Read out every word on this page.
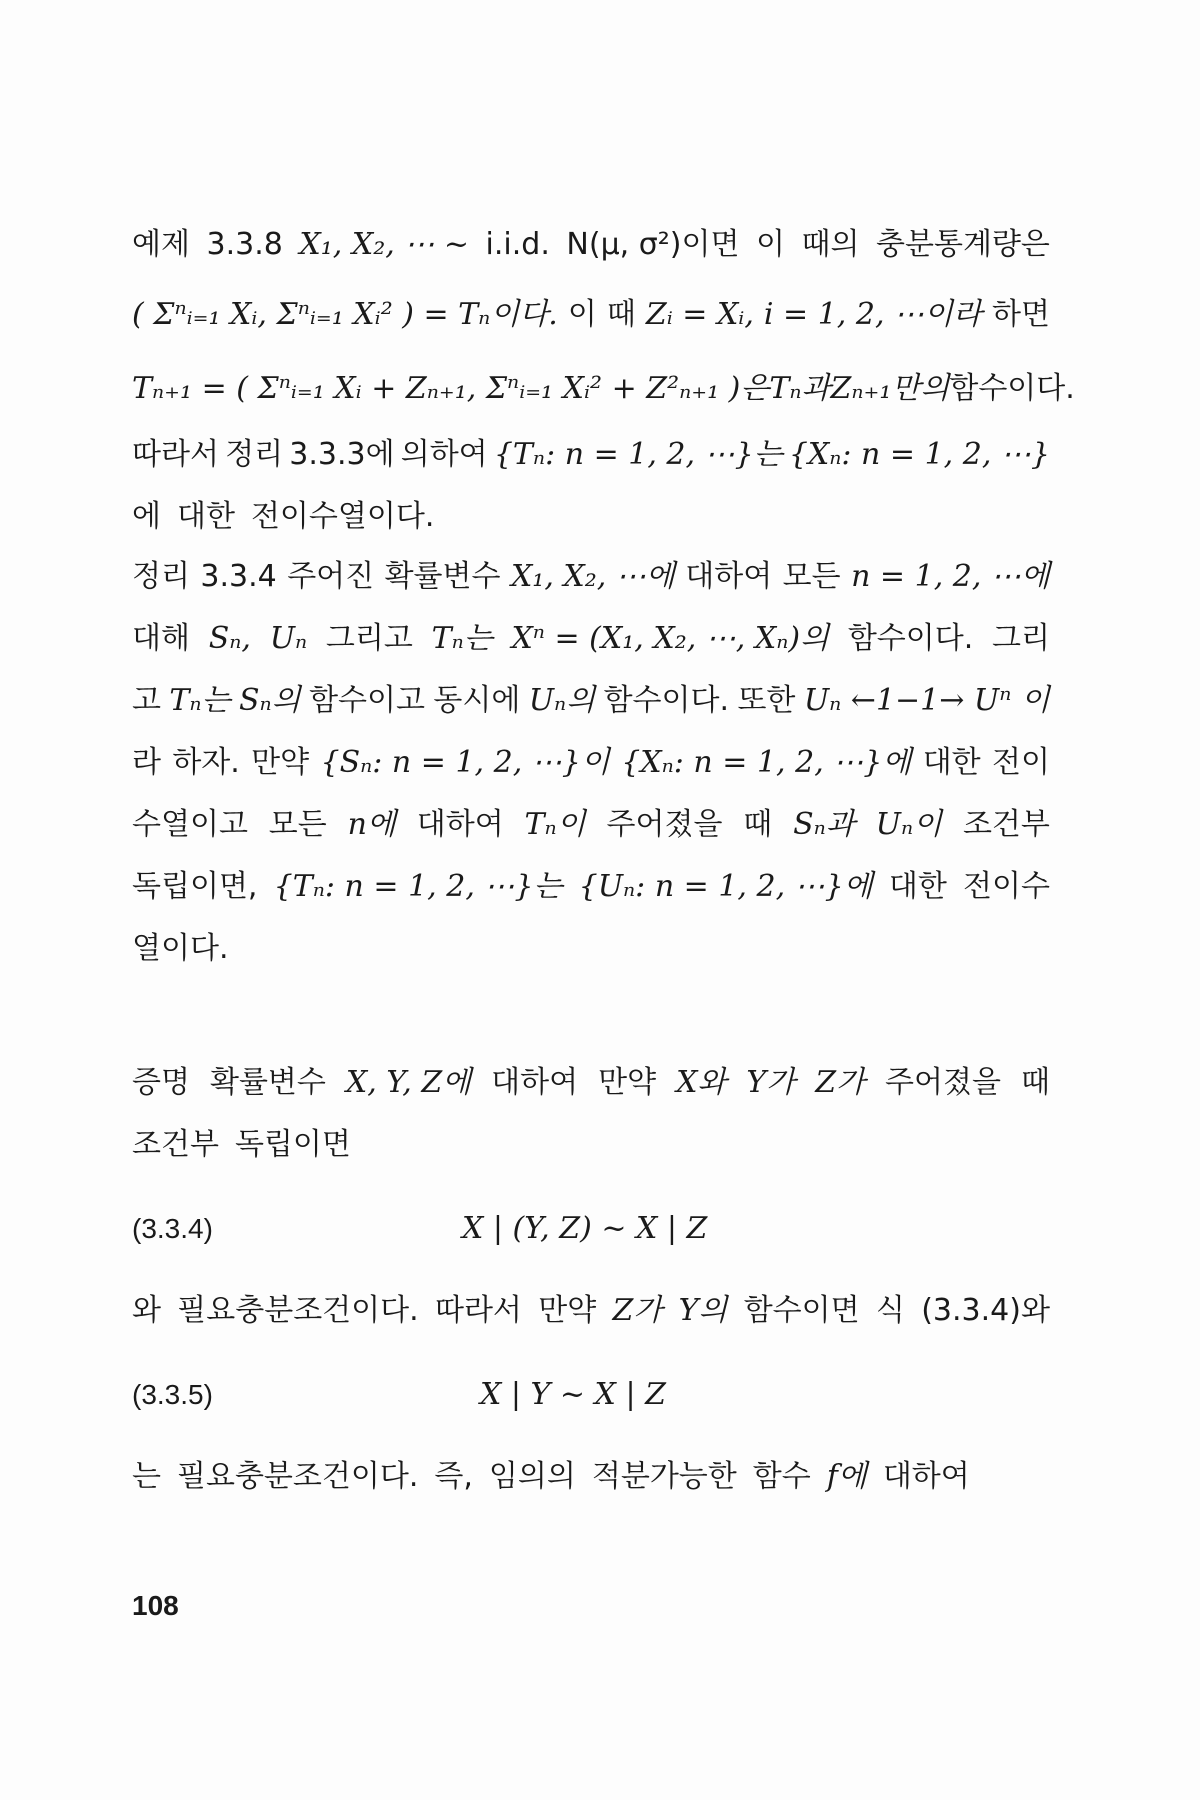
예제 3.3.8 X₁, X₂, ⋯ ~ i.i.d. N(μ, σ²)이면 이 때의 충분통계량은
( Σⁿᵢ₌₁ Xᵢ, Σⁿᵢ₌₁ Xᵢ² ) = Tₙ이다. 이 때 Zᵢ = Xᵢ, i = 1, 2, ⋯이라 하면
Tₙ₊₁ = ( Σⁿᵢ₌₁ Xᵢ + Zₙ₊₁, Σⁿᵢ₌₁ Xᵢ² + Z²ₙ₊₁ )은 Tₙ과 Zₙ₊₁만의 함수이다.
따라서 정리 3.3.3에 의하여 {Tₙ: n = 1, 2, ⋯}는 {Xₙ: n = 1, 2, ⋯}
에 대한 전이수열이다.
정리 3.3.4 주어진 확률변수 X₁, X₂, ⋯에 대하여 모든 n = 1, 2, ⋯에
대해 Sₙ, Uₙ 그리고 Tₙ는 Xⁿ = (X₁, X₂, ⋯, Xₙ)의 함수이다. 그리
고 Tₙ는 Sₙ의 함수이고 동시에 Uₙ의 함수이다. 또한 Uₙ ←1−1→ Uⁿ 이
라 하자. 만약 {Sₙ: n = 1, 2, ⋯}이 {Xₙ: n = 1, 2, ⋯}에 대한 전이
수열이고 모든 n에 대하여 Tₙ이 주어졌을 때 Sₙ과 Uₙ이 조건부
독립이면, {Tₙ: n = 1, 2, ⋯}는 {Uₙ: n = 1, 2, ⋯}에 대한 전이수
열이다.
증명 확률변수 X, Y, Z에 대하여 만약 X와 Y가 Z가 주어졌을 때
조건부 독립이면
(3.3.4)	X | (Y, Z) ~ X | Z
와 필요충분조건이다. 따라서 만약 Z가 Y의 함수이면 식 (3.3.4)와
(3.3.5)	X | Y ~ X | Z
는 필요충분조건이다. 즉, 임의의 적분가능한 함수 f에 대하여
108
